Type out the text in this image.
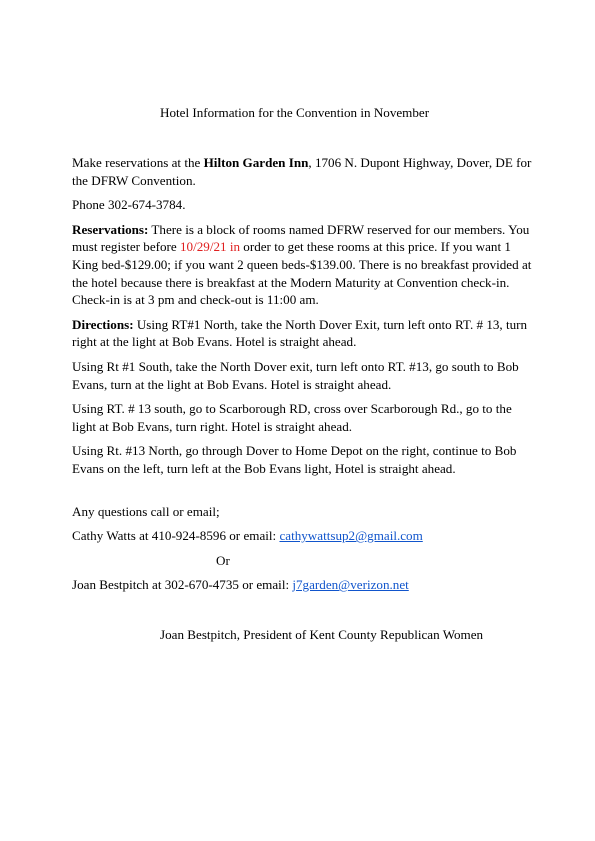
Hotel Information for the Convention in November

Make reservations at the Hilton Garden Inn, 1706 N. Dupont Highway, Dover, DE for the DFRW Convention.

Phone 302-674-3784.

Reservations: There is a block of rooms named DFRW reserved for our members. You must register before 10/29/21 in order to get these rooms at this price. If you want 1 King bed-$129.00; if you want 2 queen beds-$139.00. There is no breakfast provided at the hotel because there is breakfast at the Modern Maturity at Convention check-in. Check-in is at 3 pm and check-out is 11:00 am.

Directions: Using RT#1 North, take the North Dover Exit, turn left onto RT. # 13, turn right at the light at Bob Evans. Hotel is straight ahead.

Using Rt #1 South, take the North Dover exit, turn left onto RT. #13, go south to Bob Evans, turn at the light at Bob Evans. Hotel is straight ahead.

Using RT. # 13 south, go to Scarborough RD, cross over Scarborough Rd., go to the light at Bob Evans, turn right. Hotel is straight ahead.

Using Rt. #13 North, go through Dover to Home Depot on the right, continue to Bob Evans on the left, turn left at the Bob Evans light, Hotel is straight ahead.

Any questions call or email;

Cathy Watts at 410-924-8596 or email: cathywattsup2@gmail.com

Or

Joan Bestpitch at 302-670-4735 or email: j7garden@verizon.net

Joan Bestpitch, President of Kent County Republican Women
